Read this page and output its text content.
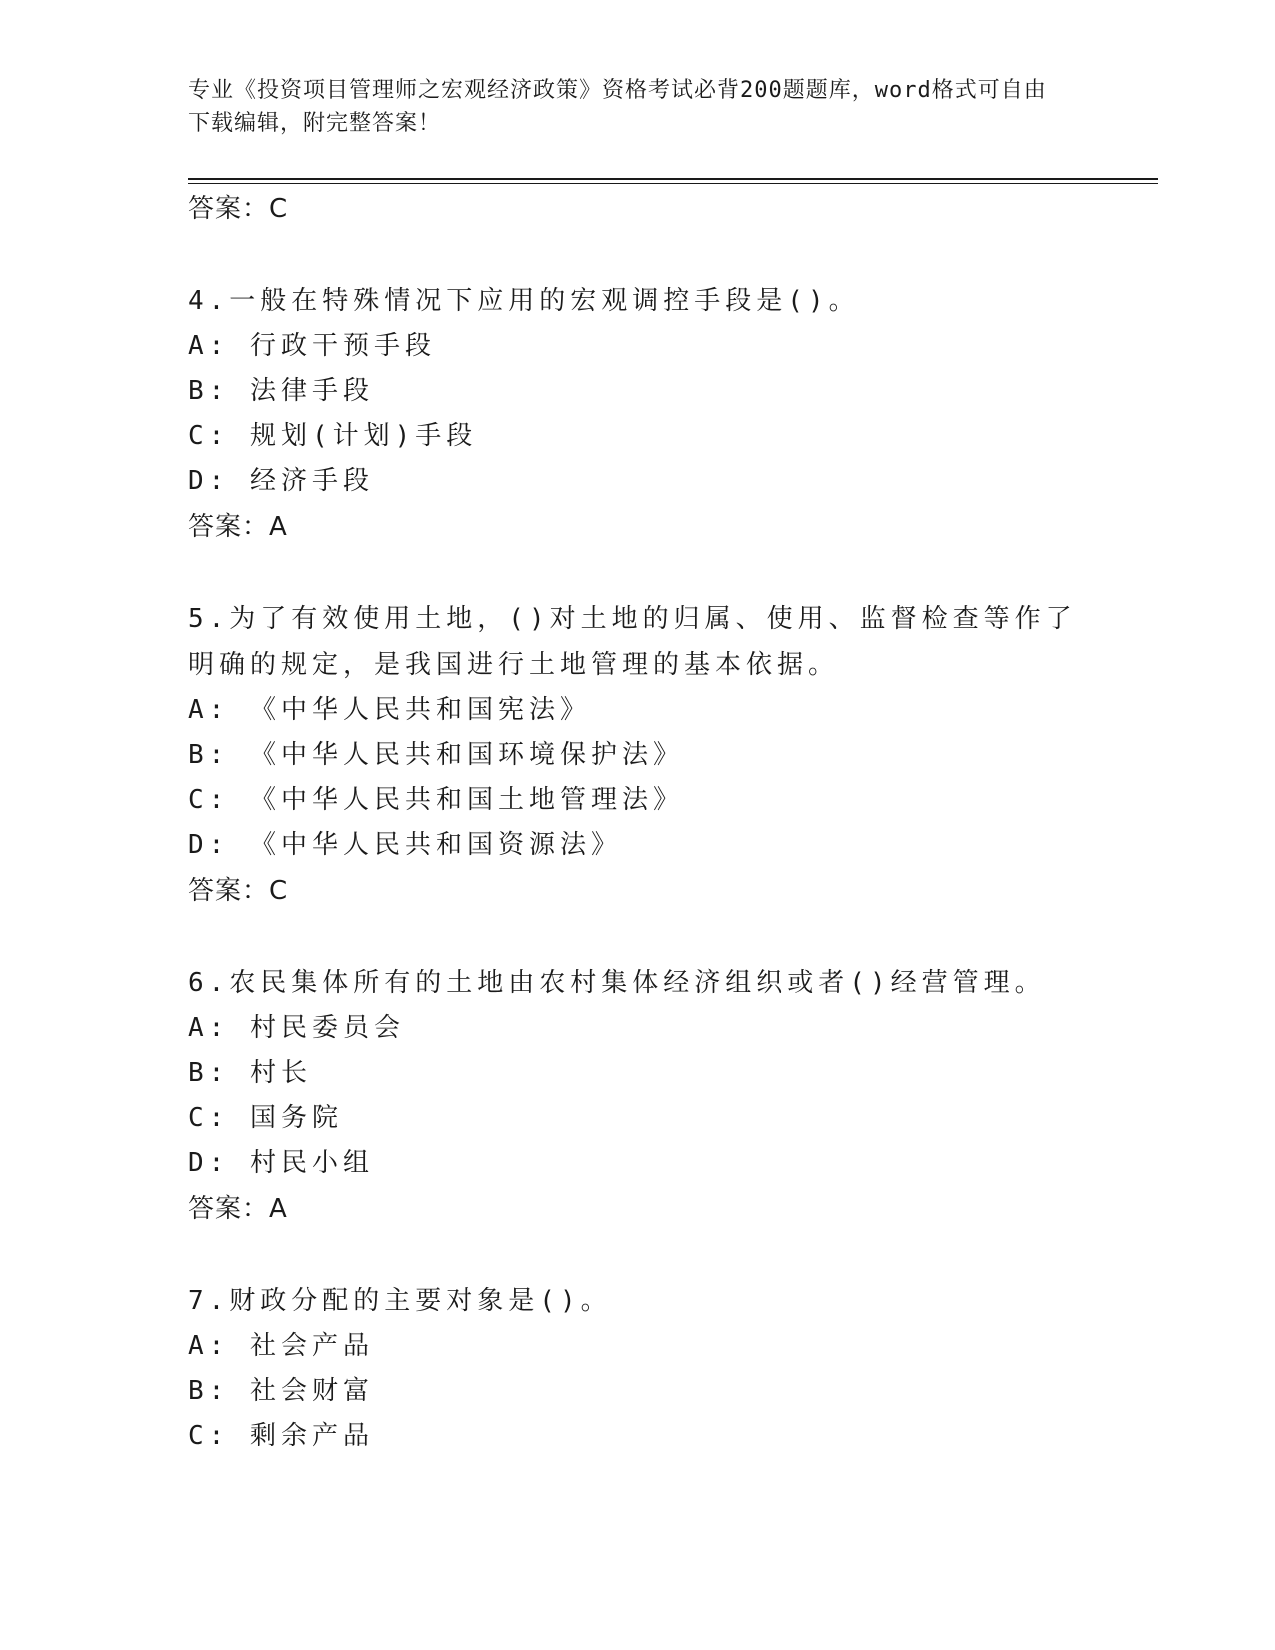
专业《投资项目管理师之宏观经济政策》资格考试必背200题题库，word格式可自由下载编辑，附完整答案！
答案：C
4.一般在特殊情况下应用的宏观调控手段是()。
A: 行政干预手段
B: 法律手段
C: 规划(计划)手段
D: 经济手段
答案：A
5.为了有效使用土地，()对土地的归属、使用、监督检查等作了明确的规定，是我国进行土地管理的基本依据。
A: 《中华人民共和国宪法》
B: 《中华人民共和国环境保护法》
C: 《中华人民共和国土地管理法》
D: 《中华人民共和国资源法》
答案：C
6.农民集体所有的土地由农村集体经济组织或者()经营管理。
A: 村民委员会
B: 村长
C: 国务院
D: 村民小组
答案：A
7.财政分配的主要对象是()。
A: 社会产品
B: 社会财富
C: 剩余产品
